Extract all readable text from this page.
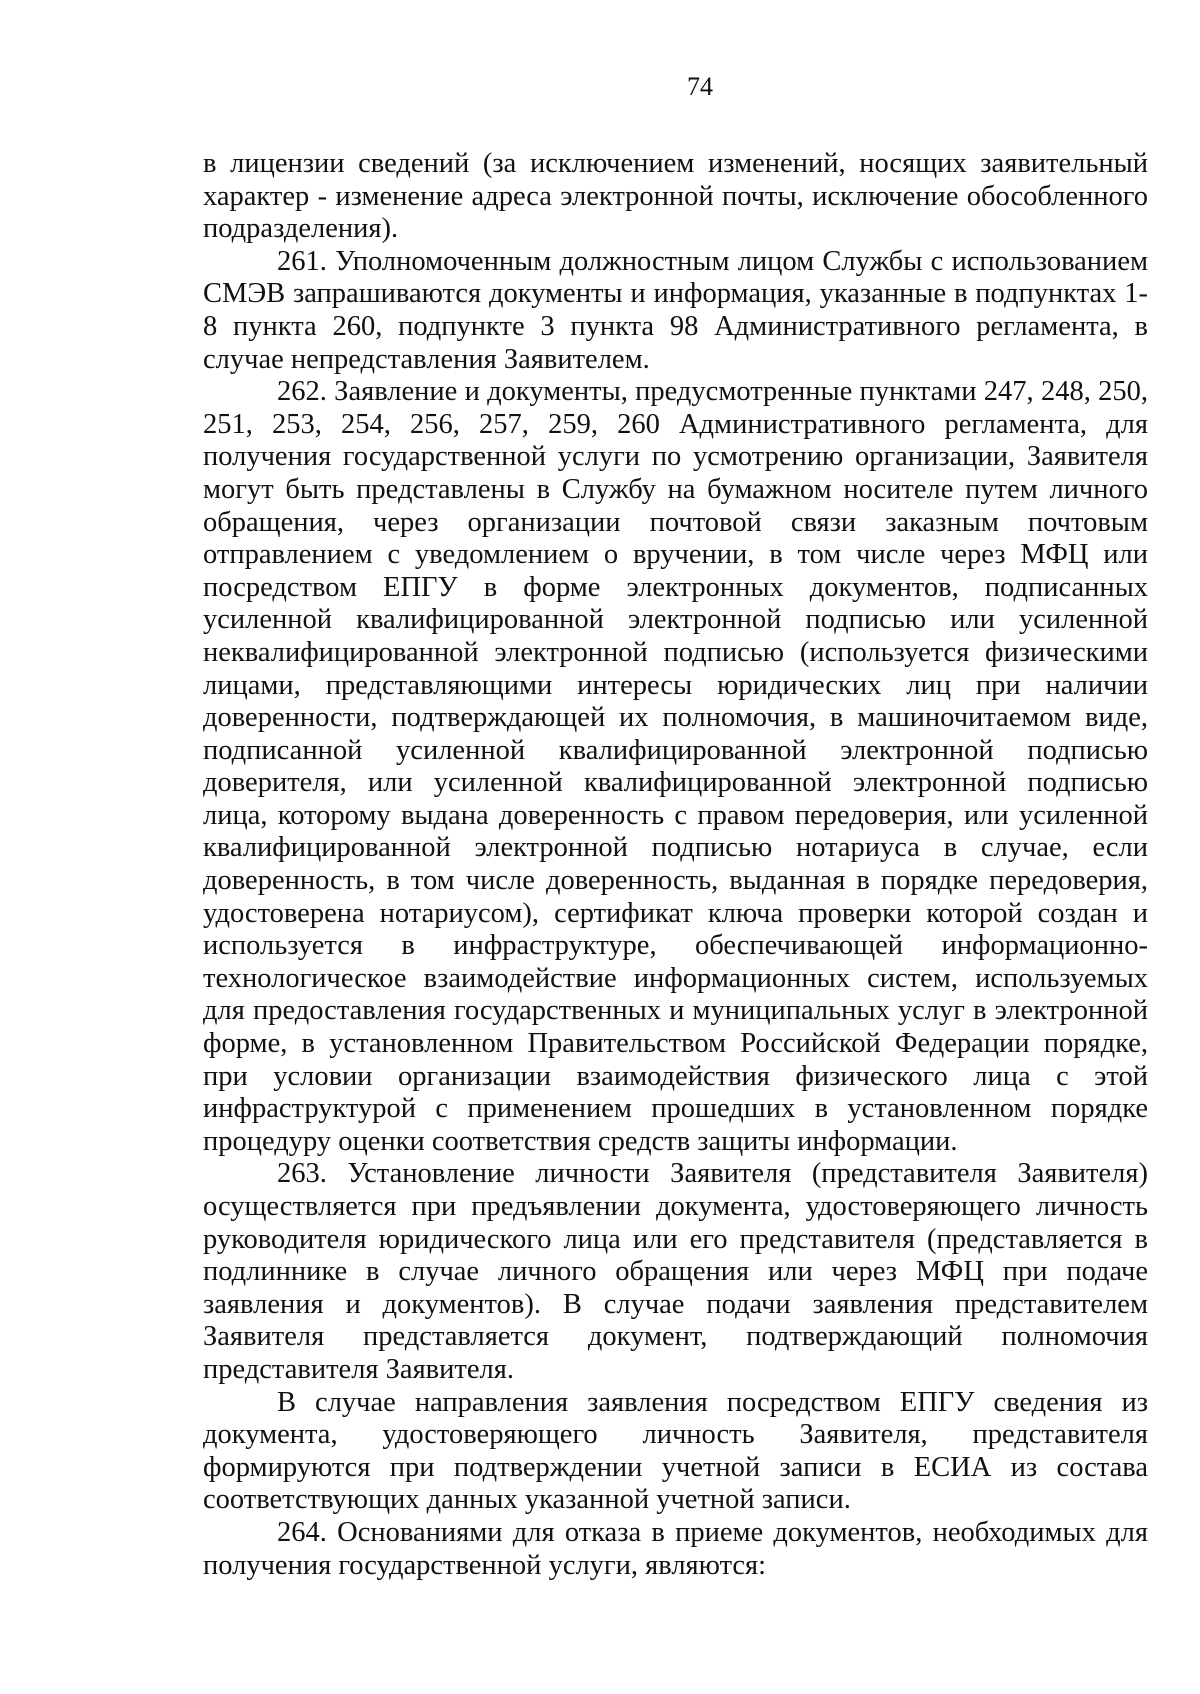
74

в лицензии сведений (за исключением изменений, носящих заявительный характер - изменение адреса электронной почты, исключение обособленного подразделения).

261. Уполномоченным должностным лицом Службы с использованием СМЭВ запрашиваются документы и информация, указанные в подпунктах 1-8 пункта 260, подпункте 3 пункта 98 Административного регламента, в случае непредставления Заявителем.

262. Заявление и документы, предусмотренные пунктами 247, 248, 250, 251, 253, 254, 256, 257, 259, 260 Административного регламента, для получения государственной услуги по усмотрению организации, Заявителя могут быть представлены в Службу на бумажном носителе путем личного обращения, через организации почтовой связи заказным почтовым отправлением с уведомлением о вручении, в том числе через МФЦ или посредством ЕПГУ в форме электронных документов, подписанных усиленной квалифицированной электронной подписью или усиленной неквалифицированной электронной подписью (используется физическими лицами, представляющими интересы юридических лиц при наличии доверенности, подтверждающей их полномочия, в машиночитаемом виде, подписанной усиленной квалифицированной электронной подписью доверителя, или усиленной квалифицированной электронной подписью лица, которому выдана доверенность с правом передоверия, или усиленной квалифицированной электронной подписью нотариуса в случае, если доверенность, в том числе доверенность, выданная в порядке передоверия, удостоверена нотариусом), сертификат ключа проверки которой создан и используется в инфраструктуре, обеспечивающей информационно-технологическое взаимодействие информационных систем, используемых для предоставления государственных и муниципальных услуг в электронной форме, в установленном Правительством Российской Федерации порядке, при условии организации взаимодействия физического лица с этой инфраструктурой с применением прошедших в установленном порядке процедуру оценки соответствия средств защиты информации.

263. Установление личности Заявителя (представителя Заявителя) осуществляется при предъявлении документа, удостоверяющего личность руководителя юридического лица или его представителя (представляется в подлиннике в случае личного обращения или через МФЦ при подаче заявления и документов). В случае подачи заявления представителем Заявителя представляется документ, подтверждающий полномочия представителя Заявителя.

В случае направления заявления посредством ЕПГУ сведения из документа, удостоверяющего личность Заявителя, представителя формируются при подтверждении учетной записи в ЕСИА из состава соответствующих данных указанной учетной записи.

264. Основаниями для отказа в приеме документов, необходимых для получения государственной услуги, являются:
